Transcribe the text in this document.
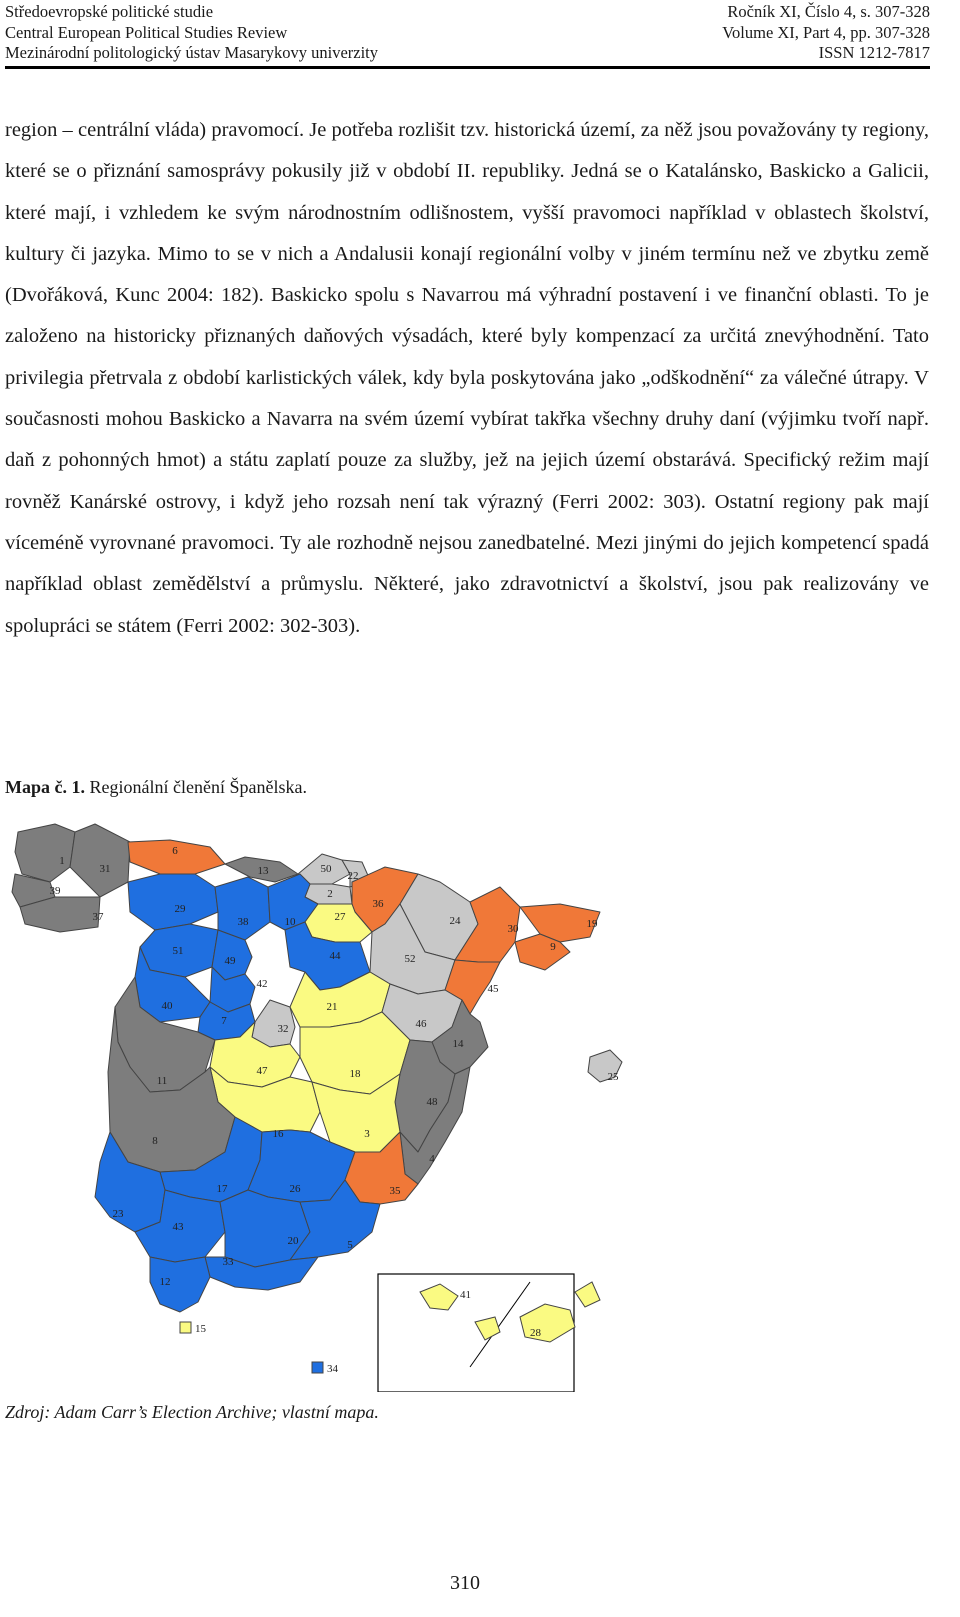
Středoevropské politické studie	Ročník XI, Číslo 4, s. 307-328
Central European Political Studies Review	Volume XI, Part 4, pp. 307-328
Mezinárodní politologický ústav Masarykovy univerzity	ISSN 1212-7817
region – centrální vláda) pravomocí. Je potřeba rozlišit tzv. historická území, za něž jsou považovány ty regiony, které se o přiznání samosprávy pokusily již v období II. republiky. Jedná se o Katalánsko, Baskicko a Galicii, které mají, i vzhledem ke svým národnostním odlišnostem, vyšší pravomoci například v oblastech školství, kultury či jazyka. Mimo to se v nich a Andalusii konají regionální volby v jiném termínu než ve zbytku země (Dvořáková, Kunc 2004: 182). Baskicko spolu s Navarrou má výhradní postavení i ve finanční oblasti. To je založeno na historicky přiznaných daňových výsadách, které byly kompenzací za určitá znevýhodnění. Tato privilegia přetrvala z období karlistických válek, kdy byla poskytována jako „odškodnění“ za válečné útrapy. V současnosti mohou Baskicko a Navarra na svém území vybírat takřka všechny druhy daní (výjimku tvoří např. daň z pohonných hmot) a státu zaplatí pouze za služby, jež na jejich území obstarává. Specifický režim mají rovněž Kanárské ostrovy, i když jeho rozsah není tak výrazný (Ferri 2002: 303). Ostatní regiony pak mají víceméně vyrovnané pravomoci. Ty ale rozhodně nejsou zanedbatelné. Mezi jinými do jejich kompetencí spadá například oblast zemědělství a průmyslu. Některé, jako zdravotnictví a školství, jsou pak realizovány ve spolupráci se státem (Ferri 2002: 302-303).
Mapa č. 1. Regionální členění Španělska.
1
31
39
37
6
13	50
22
2
36
29
38	10	27	24
30	19
9
51
49	44	52
42	45
40
7
32
21
46
14
11
47	18	25
48
16	3
8
4
17	26	35
23
43
20	5
33
12
41
28
15
34
Zdroj: Adam Carr’s Election Archive; vlastní mapa.
310
